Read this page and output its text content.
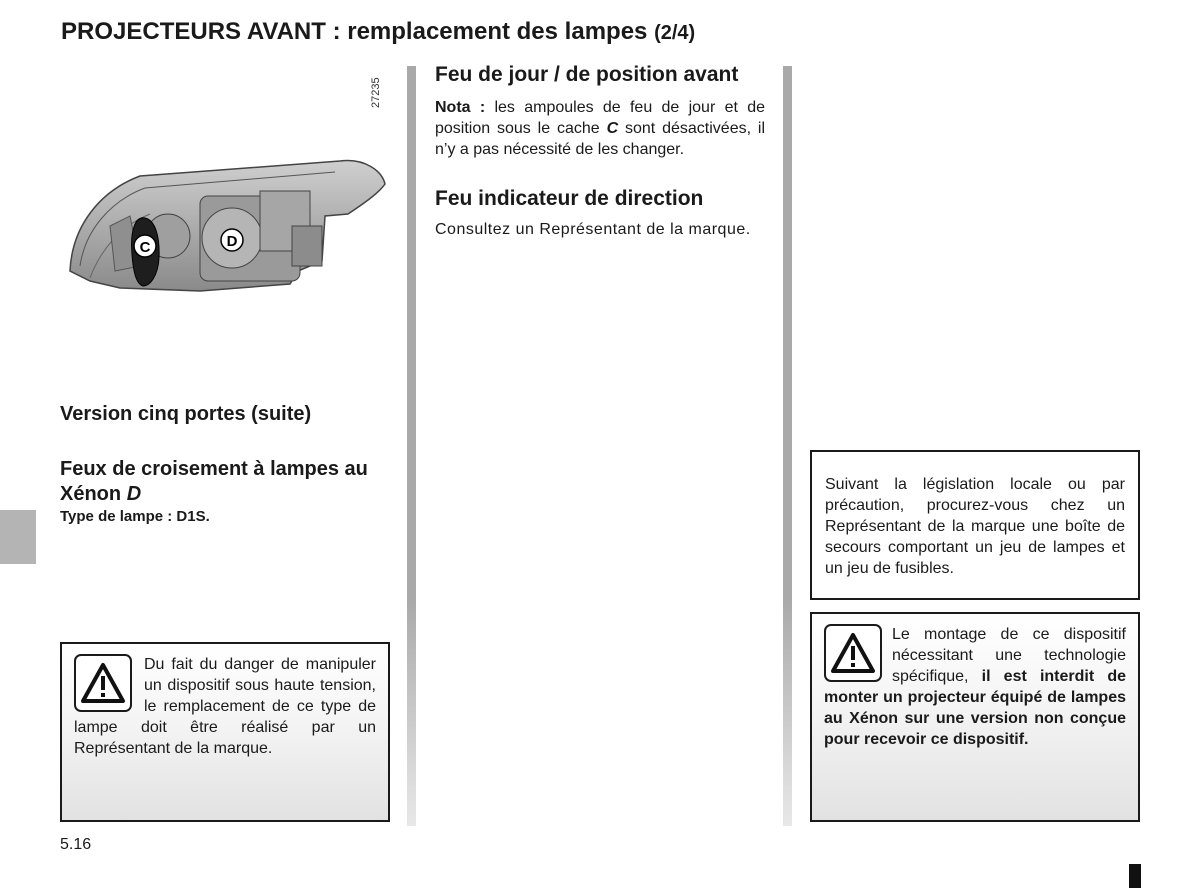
PROJECTEURS AVANT : remplacement des lampes (2/4)
C	D
27235
Version cinq portes (suite)
Feux de croisement à lampes au Xénon D

Type de lampe : D1S.

Du fait du danger de manipuler un dispositif sous haute tension, le remplacement de ce type de lampe doit être réalisé par un Représentant de la marque.

Feu de jour / de position avant

Nota : les ampoules de feu de jour et de position sous le cache C sont désactivées, il n’y a pas nécessité de les changer.

Feu indicateur de direction

Consultez un Représentant de la marque.

Suivant la législation locale ou par précaution, procurez-vous chez un Représentant de la marque une boîte de secours comportant un jeu de lampes et un jeu de fusibles.

Le montage de ce dispositif nécessitant une technologie spécifique, il est interdit de monter un projecteur équipé de lampes au Xénon sur une version non conçue pour recevoir ce dispositif.

5.16
